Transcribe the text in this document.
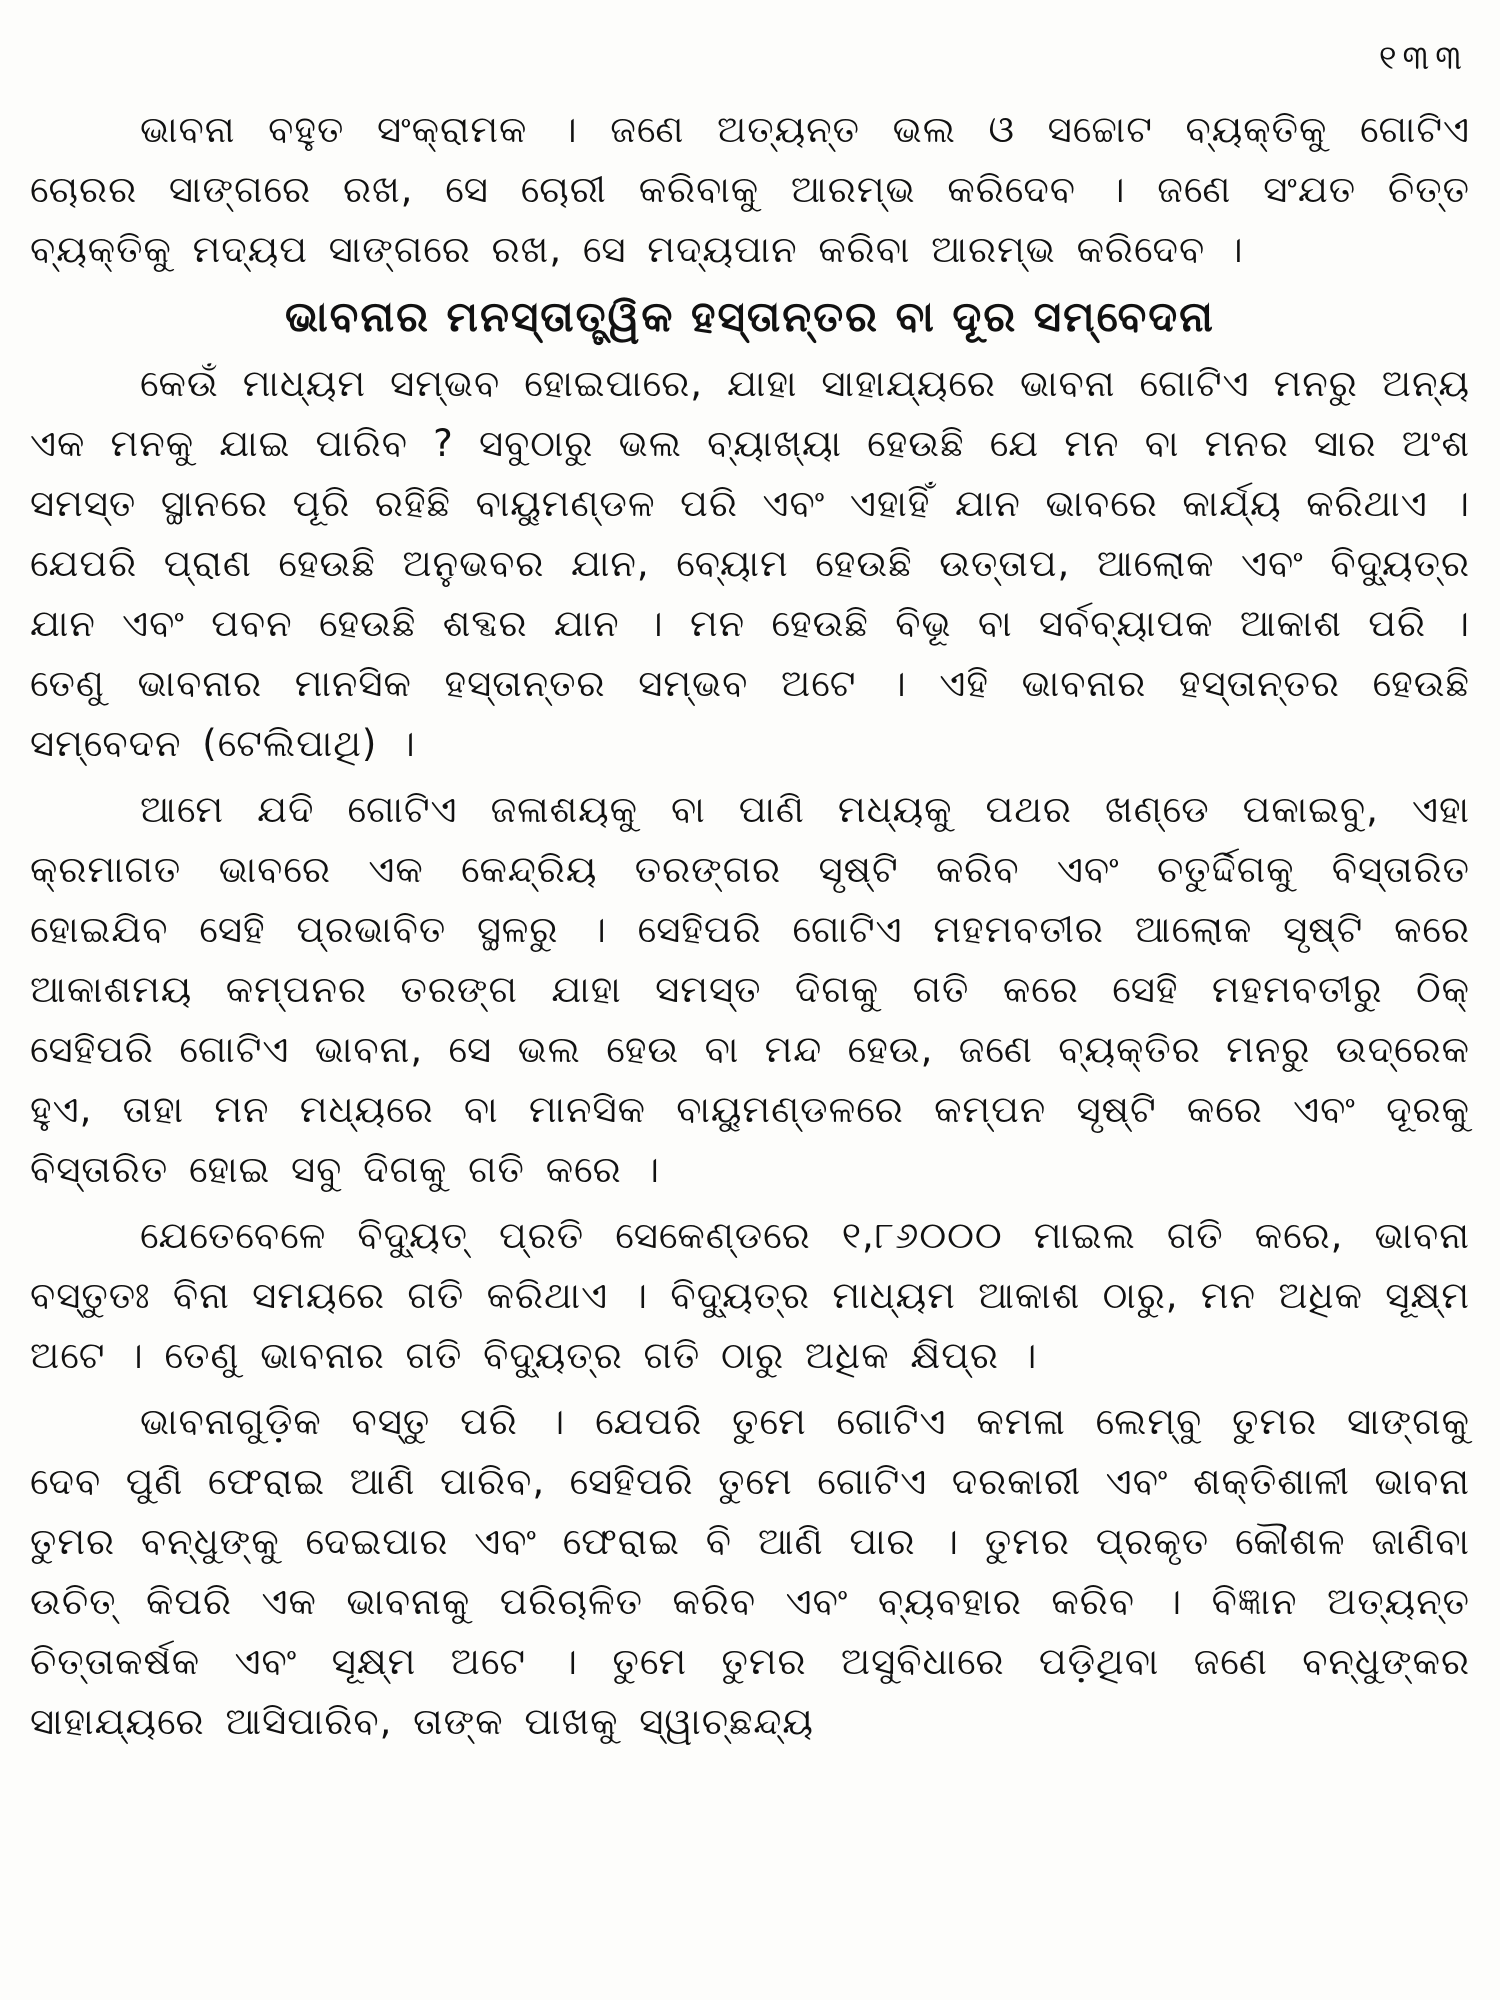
୧୩୩

ଭାବନା ବହୁତ ସଂକ୍ରାମକ । ଜଣେ ଅତ୍ୟନ୍ତ ଭଲ ଓ ସଚ୍ଚୋଟ ବ୍ୟକ୍ତିକୁ ଗୋଟିଏ ଚୋରର ସାଙ୍ଗରେ ରଖ, ସେ ଚୋରୀ କରିବାକୁ ଆରମ୍ଭ କରିଦେବ । ଜଣେ ସଂଯତ ଚିତ୍ତ ବ୍ୟକ୍ତିକୁ ମଦ୍ୟପ ସାଙ୍ଗରେ ରଖ, ସେ ମଦ୍ୟପାନ କରିବା ଆରମ୍ଭ କରିଦେବ ।

ଭାବନାର ମନସ୍ତାତ୍ତ୍ୱିକ ହସ୍ତାନ୍ତର ବା ଦୂର ସମ୍ବେଦନା

କେଉଁ ମାଧ୍ୟମ ସମ୍ଭବ ହୋଇପାରେ, ଯାହା ସାହାଯ୍ୟରେ ଭାବନା ଗୋଟିଏ ମନରୁ ଅନ୍ୟ ଏକ ମନକୁ ଯାଇ ପାରିବ ? ସବୁଠାରୁ ଭଲ ବ୍ୟାଖ୍ୟା ହେଉଛି ଯେ ମନ ବା ମନର ସାର ଅଂଶ ସମସ୍ତ ସ୍ଥାନରେ ପୂରି ରହିଛି ବାୟୁମଣ୍ଡଳ ପରି ଏବଂ ଏହାହିଁ ଯାନ ଭାବରେ କାର୍ଯ୍ୟ କରିଥାଏ । ଯେପରି ପ୍ରାଣ ହେଉଛି ଅନୁଭବର ଯାନ, ବ୍ୟୋମ ହେଉଛି ଉତ୍ତାପ, ଆଲୋକ ଏବଂ ବିଦ୍ୟୁତ୍‌ର ଯାନ ଏବଂ ପବନ ହେଉଛି ଶବ୍ଦର ଯାନ । ମନ ହେଉଛି ବିଭୂ ବା ସର୍ବବ୍ୟାପକ ଆକାଶ ପରି । ତେଣୁ ଭାବନାର ମାନସିକ ହସ୍ତାନ୍ତର ସମ୍ଭବ ଅଟେ । ଏହି ଭାବନାର ହସ୍ତାନ୍ତର ହେଉଛି ସମ୍ବେଦନ (ଟେଲିପାଥି) ।

ଆମେ ଯଦି ଗୋଟିଏ ଜଳାଶୟକୁ ବା ପାଣି ମଧ୍ୟକୁ ପଥର ଖଣ୍ଡେ ପକାଇବୁ, ଏହା କ୍ରମାଗତ ଭାବରେ ଏକ କେନ୍ଦ୍ରିୟ ତରଙ୍ଗର ସୃଷ୍ଟି କରିବ ଏବଂ ଚତୁର୍ଦ୍ଦିଗକୁ ବିସ୍ତାରିତ ହୋଇଯିବ ସେହି ପ୍ରଭାବିତ ସ୍ଥଳରୁ । ସେହିପରି ଗୋଟିଏ ମହମବତୀର ଆଲୋକ ସୃଷ୍ଟି କରେ ଆକାଶମୟ କମ୍ପନର ତରଙ୍ଗ ଯାହା ସମସ୍ତ ଦିଗକୁ ଗତି କରେ ସେହି ମହମବତୀରୁ ଠିକ୍ ସେହିପରି ଗୋଟିଏ ଭାବନା, ସେ ଭଲ ହେଉ ବା ମନ୍ଦ ହେଉ, ଜଣେ ବ୍ୟକ୍ତିର ମନରୁ ଉଦ୍ରେକ ହୁଏ, ତାହା ମନ ମଧ୍ୟରେ ବା ମାନସିକ ବାୟୁମଣ୍ଡଳରେ କମ୍ପନ ସୃଷ୍ଟି କରେ ଏବଂ ଦୂରକୁ ବିସ୍ତାରିତ ହୋଇ ସବୁ ଦିଗକୁ ଗତି କରେ ।

ଯେତେବେଳେ ବିଦ୍ୟୁତ୍ ପ୍ରତି ସେକେଣ୍ଡରେ ୧,୮୬୦୦୦ ମାଇଲ ଗତି କରେ, ଭାବନା ବସ୍ତୁତଃ ବିନା ସମୟରେ ଗତି କରିଥାଏ । ବିଦ୍ୟୁତ୍‌ର ମାଧ୍ୟମ ଆକାଶ ଠାରୁ, ମନ ଅଧିକ ସୂକ୍ଷ୍ମ ଅଟେ । ତେଣୁ ଭାବନାର ଗତି ବିଦ୍ୟୁତ୍‌ର ଗତି ଠାରୁ ଅଧିକ କ୍ଷିପ୍ର ।

ଭାବନାଗୁଡ଼ିକ ବସ୍ତୁ ପରି । ଯେପରି ତୁମେ ଗୋଟିଏ କମଳା ଲେମ୍ବୁ ତୁମର ସାଙ୍ଗକୁ ଦେବ ପୁଣି ଫେରାଇ ଆଣି ପାରିବ, ସେହିପରି ତୁମେ ଗୋଟିଏ ଦରକାରୀ ଏବଂ ଶକ୍ତିଶାଳୀ ଭାବନା ତୁମର ବନ୍ଧୁଙ୍କୁ ଦେଇପାର ଏବଂ ଫେରାଇ ବି ଆଣି ପାର । ତୁମର ପ୍ରକୃତ କୌଶଳ ଜାଣିବା ଉଚିତ୍ କିପରି ଏକ ଭାବନାକୁ ପରିଚାଳିତ କରିବ ଏବଂ ବ୍ୟବହାର କରିବ । ବିଜ୍ଞାନ ଅତ୍ୟନ୍ତ ଚିତ୍ତାକର୍ଷକ ଏବଂ ସୂକ୍ଷ୍ମ ଅଟେ । ତୁମେ ତୁମର ଅସୁବିଧାରେ ପଡ଼ିଥିବା ଜଣେ ବନ୍ଧୁଙ୍କର ସାହାଯ୍ୟରେ ଆସିପାରିବ, ତାଙ୍କ ପାଖକୁ ସ୍ୱାଚ୍ଛନ୍ଦ୍ୟ
